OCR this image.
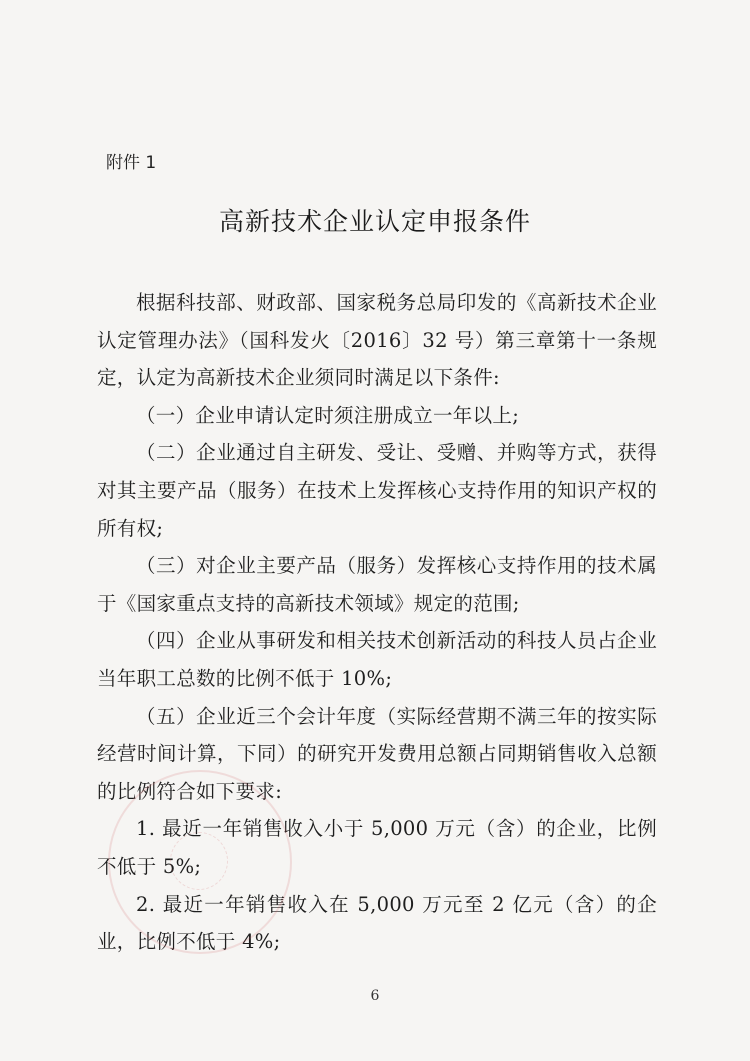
附件 1
高新技术企业认定申报条件

根据科技部、财政部、国家税务总局印发的《高新技术企业认定管理办法》（国科发火〔2016〕32 号）第三章第十一条规定，认定为高新技术企业须同时满足以下条件:

（一）企业申请认定时须注册成立一年以上;

（二）企业通过自主研发、受让、受赠、并购等方式，获得对其主要产品（服务）在技术上发挥核心支持作用的知识产权的所有权;

（三）对企业主要产品（服务）发挥核心支持作用的技术属于《国家重点支持的高新技术领域》规定的范围;

（四）企业从事研发和相关技术创新活动的科技人员占企业当年职工总数的比例不低于 10%;

（五）企业近三个会计年度（实际经营期不满三年的按实际经营时间计算，下同）的研究开发费用总额占同期销售收入总额的比例符合如下要求:

1. 最近一年销售收入小于 5,000 万元（含）的企业，比例不低于 5%;

2. 最近一年销售收入在 5,000 万元至 2 亿元（含）的企业，比例不低于 4%;

6
